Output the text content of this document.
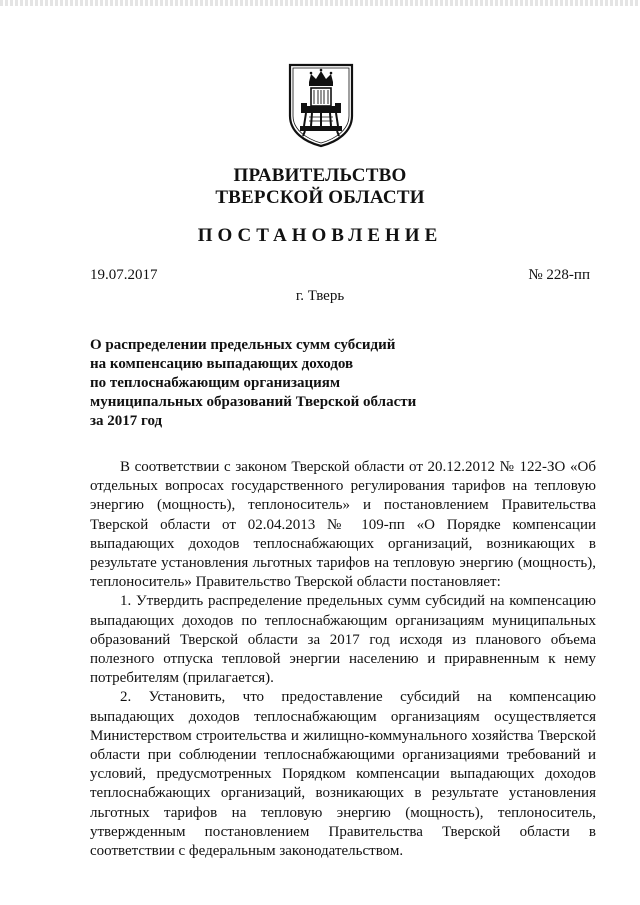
ПРАВИТЕЛЬСТВО
ТВЕРСКОЙ ОБЛАСТИ
ПОСТАНОВЛЕНИЕ
19.07.2017	№ 228-пп
г. Тверь
О распределении предельных сумм субсидий
на компенсацию выпадающих доходов
по теплоснабжающим организациям
муниципальных образований Тверской области
за 2017 год

В соответствии с законом Тверской области от 20.12.2012 № 122-ЗО «Об отдельных вопросах государственного регулирования тарифов на тепловую энергию (мощность), теплоноситель» и постановлением Правительства Тверской области от 02.04.2013 № 109-пп «О Порядке компенсации выпадающих доходов теплоснабжающих организаций, возникающих в результате установления льготных тарифов на тепловую энергию (мощность), теплоноситель» Правительство Тверской области постановляет:

1. Утвердить распределение предельных сумм субсидий на компенсацию выпадающих доходов по теплоснабжающим организациям муниципальных образований Тверской области за 2017 год исходя из планового объема полезного отпуска тепловой энергии населению и приравненным к нему потребителям (прилагается).

2. Установить, что предоставление субсидий на компенсацию выпадающих доходов теплоснабжающим организациям осуществляется Министерством строительства и жилищно-коммунального хозяйства Тверской области при соблюдении теплоснабжающими организациями требований и условий, предусмотренных Порядком компенсации выпадающих доходов теплоснабжающих организаций, возникающих в результате установления льготных тарифов на тепловую энергию (мощность), теплоноситель, утвержденным постановлением Правительства Тверской области в соответствии с федеральным законодательством.
